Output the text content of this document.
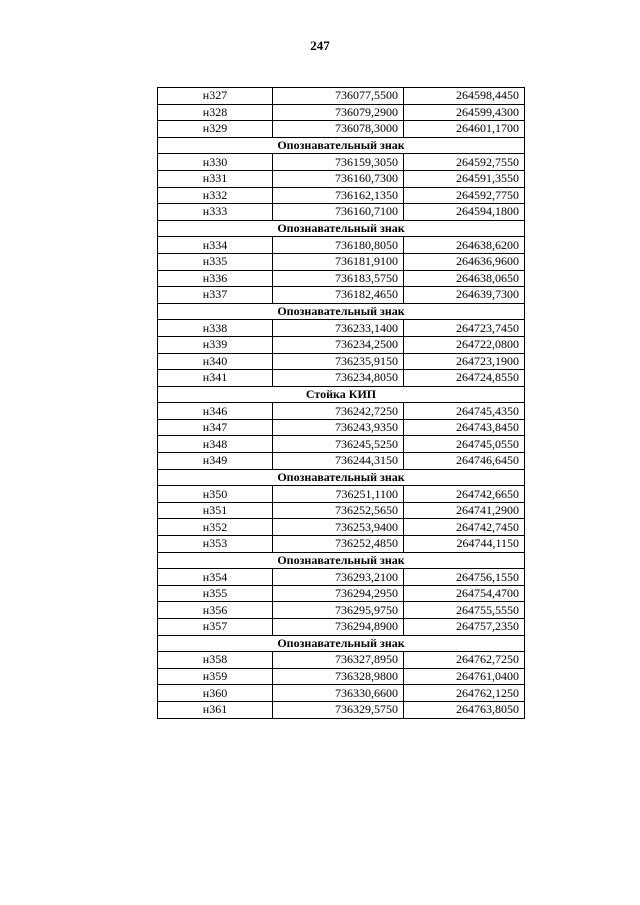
247
н327	736077,5500	264598,4450
н328	736079,2900	264599,4300
н329	736078,3000	264601,1700
Опознавательный знак		
н330	736159,3050	264592,7550
н331	736160,7300	264591,3550
н332	736162,1350	264592,7750
н333	736160,7100	264594,1800
Опознавательный знак		
н334	736180,8050	264638,6200
н335	736181,9100	264636,9600
н336	736183,5750	264638,0650
н337	736182,4650	264639,7300
Опознавательный знак		
н338	736233,1400	264723,7450
н339	736234,2500	264722,0800
н340	736235,9150	264723,1900
н341	736234,8050	264724,8550
Стойка КИП		
н346	736242,7250	264745,4350
н347	736243,9350	264743,8450
н348	736245,5250	264745,0550
н349	736244,3150	264746,6450
Опознавательный знак		
н350	736251,1100	264742,6650
н351	736252,5650	264741,2900
н352	736253,9400	264742,7450
н353	736252,4850	264744,1150
Опознавательный знак		
н354	736293,2100	264756,1550
н355	736294,2950	264754,4700
н356	736295,9750	264755,5550
н357	736294,8900	264757,2350
Опознавательный знак		
н358	736327,8950	264762,7250
н359	736328,9800	264761,0400
н360	736330,6600	264762,1250
н361	736329,5750	264763,8050
